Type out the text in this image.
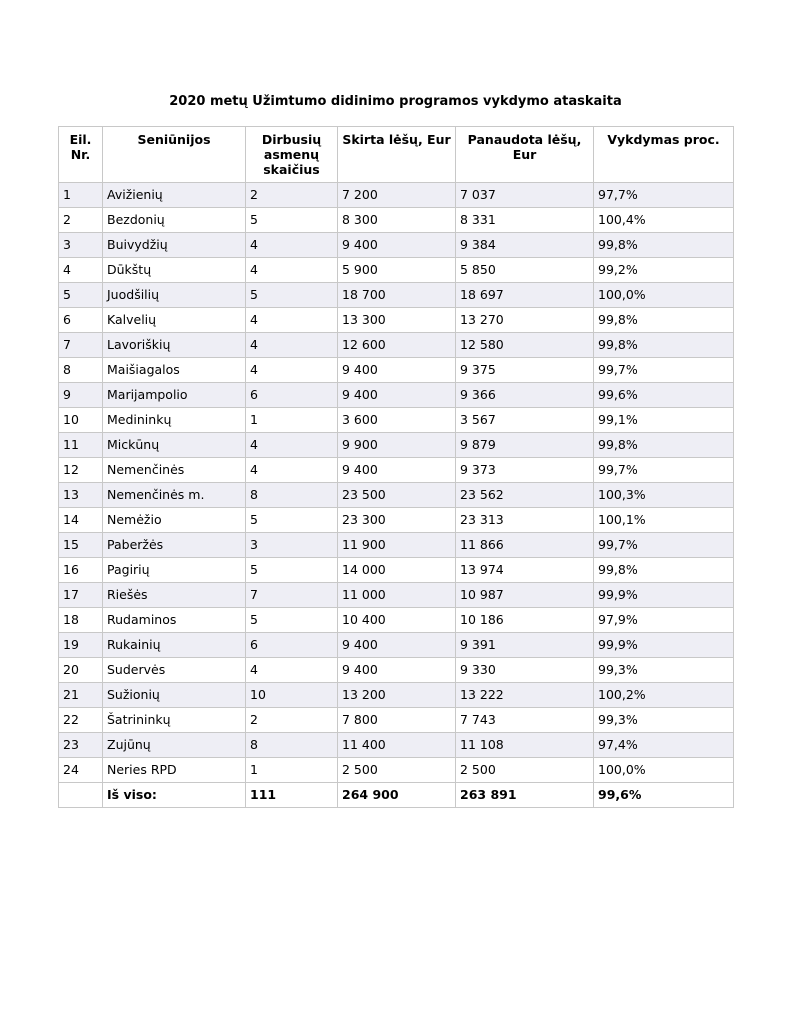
2020 metų Užimtumo didinimo programos vykdymo ataskaita
Eil. Nr.	Seniūnijos	Dirbusių asmenų skaičius	Skirta lėšų, Eur	Panaudota lėšų, Eur	Vykdymas proc.
1	Avižienių	2	7 200	7 037	97,7%
2	Bezdonių	5	8 300	8 331	100,4%
3	Buivydžių	4	9 400	9 384	99,8%
4	Dūkštų	4	5 900	5 850	99,2%
5	Juodšilių	5	18 700	18 697	100,0%
6	Kalvelių	4	13 300	13 270	99,8%
7	Lavoriškių	4	12 600	12 580	99,8%
8	Maišiagalos	4	9 400	9 375	99,7%
9	Marijampolio	6	9 400	9 366	99,6%
10	Medininkų	1	3 600	3 567	99,1%
11	Mickūnų	4	9 900	9 879	99,8%
12	Nemenčinės	4	9 400	9 373	99,7%
13	Nemenčinės m.	8	23 500	23 562	100,3%
14	Nemėžio	5	23 300	23 313	100,1%
15	Paberžės	3	11 900	11 866	99,7%
16	Pagirių	5	14 000	13 974	99,8%
17	Riešės	7	11 000	10 987	99,9%
18	Rudaminos	5	10 400	10 186	97,9%
19	Rukainių	6	9 400	9 391	99,9%
20	Sudervės	4	9 400	9 330	99,3%
21	Sužionių	10	13 200	13 222	100,2%
22	Šatrininkų	2	7 800	7 743	99,3%
23	Zujūnų	8	11 400	11 108	97,4%
24	Neries RPD	1	2 500	2 500	100,0%
	Iš viso:	111	264 900	263 891	99,6%
